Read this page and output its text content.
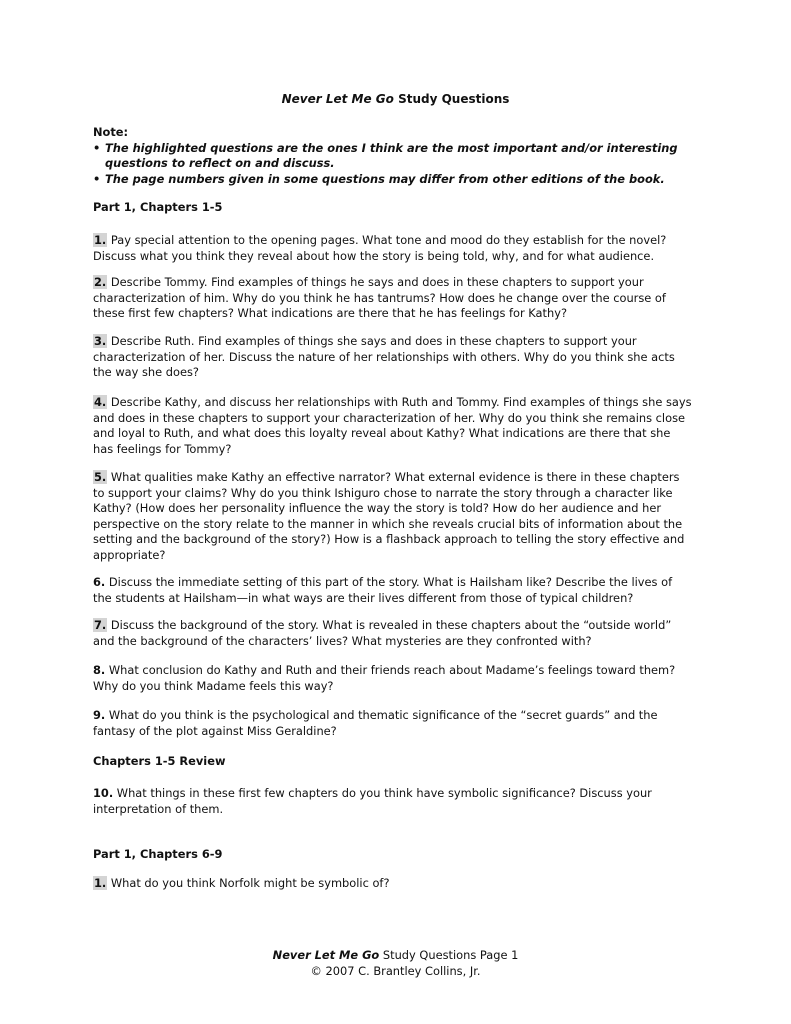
Never Let Me Go Study Questions
Note:
• The highlighted questions are the ones I think are the most important and/or interesting questions to reflect on and discuss.
• The page numbers given in some questions may differ from other editions of the book.
Part 1, Chapters 1-5
1. Pay special attention to the opening pages. What tone and mood do they establish for the novel? Discuss what you think they reveal about how the story is being told, why, and for what audience.
2. Describe Tommy. Find examples of things he says and does in these chapters to support your characterization of him. Why do you think he has tantrums? How does he change over the course of these first few chapters? What indications are there that he has feelings for Kathy?
3. Describe Ruth. Find examples of things she says and does in these chapters to support your characterization of her. Discuss the nature of her relationships with others. Why do you think she acts the way she does?
4. Describe Kathy, and discuss her relationships with Ruth and Tommy. Find examples of things she says and does in these chapters to support your characterization of her. Why do you think she remains close and loyal to Ruth, and what does this loyalty reveal about Kathy? What indications are there that she has feelings for Tommy?
5. What qualities make Kathy an effective narrator? What external evidence is there in these chapters to support your claims? Why do you think Ishiguro chose to narrate the story through a character like Kathy? (How does her personality influence the way the story is told? How do her audience and her perspective on the story relate to the manner in which she reveals crucial bits of information about the setting and the background of the story?) How is a flashback approach to telling the story effective and appropriate?
6. Discuss the immediate setting of this part of the story. What is Hailsham like? Describe the lives of the students at Hailsham—in what ways are their lives different from those of typical children?
7. Discuss the background of the story. What is revealed in these chapters about the “outside world” and the background of the characters’ lives? What mysteries are they confronted with?
8. What conclusion do Kathy and Ruth and their friends reach about Madame’s feelings toward them? Why do you think Madame feels this way?
9. What do you think is the psychological and thematic significance of the “secret guards” and the fantasy of the plot against Miss Geraldine?
Chapters 1-5 Review
10. What things in these first few chapters do you think have symbolic significance? Discuss your interpretation of them.
Part 1, Chapters 6-9
1. What do you think Norfolk might be symbolic of?
Never Let Me Go Study Questions Page 1
© 2007 C. Brantley Collins, Jr.
